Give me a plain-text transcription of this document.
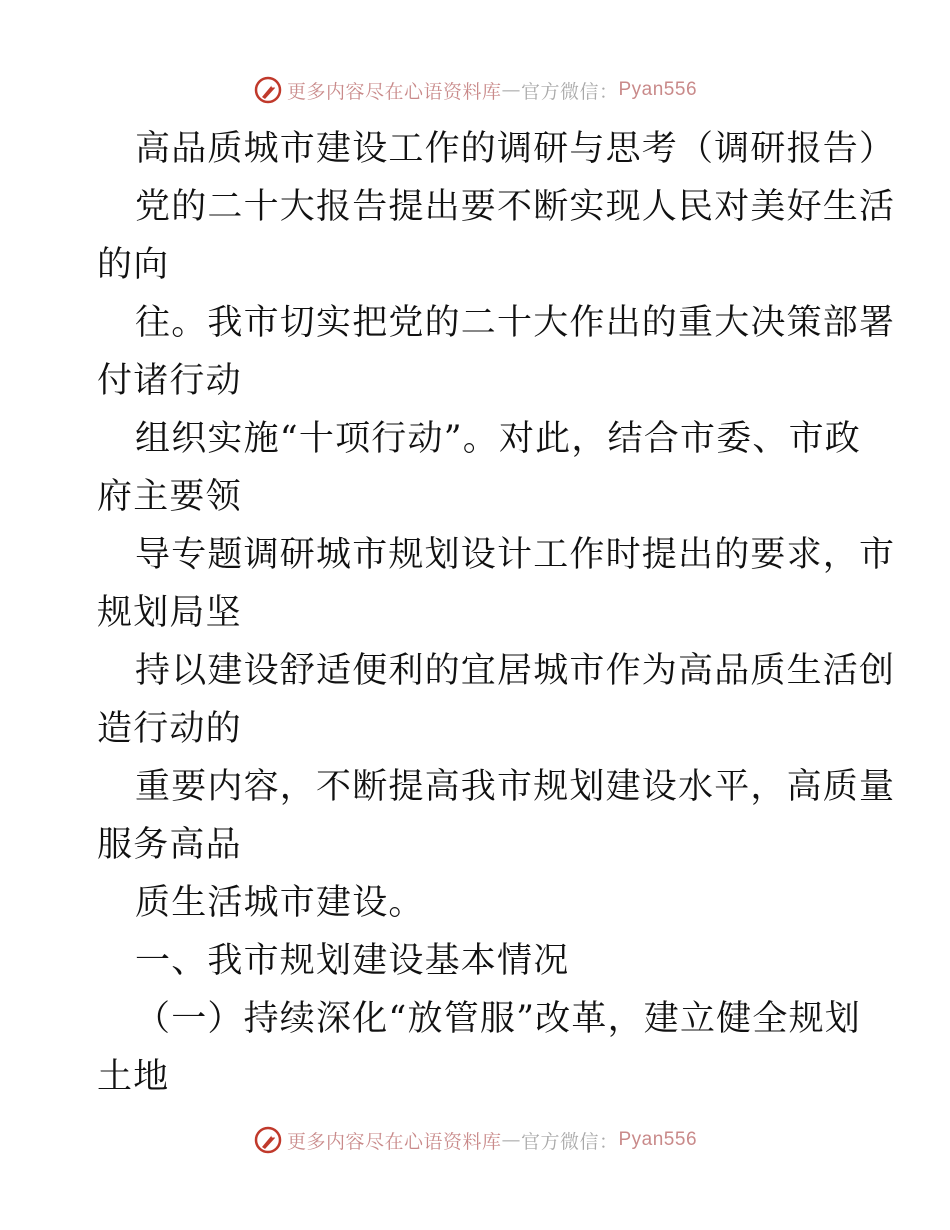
更多内容尽在心语资料库 — 官方微信： Pyan556
高品质城市建设工作的调研与思考（调研报告）
党的二十大报告提出要不断实现人民对美好生活
的向
往。我市切实把党的二十大作出的重大决策部署
付诸行动
组织实施“十项行动”。对此，结合市委、市政
府主要领
导专题调研城市规划设计工作时提出的要求，市
规划局坚
持以建设舒适便利的宜居城市作为高品质生活创
造行动的
重要内容，不断提高我市规划建设水平，高质量
服务高品
质生活城市建设。
一、我市规划建设基本情况
（一）持续深化“放管服”改革，建立健全规划
土地
更多内容尽在心语资料库 — 官方微信： Pyan556
